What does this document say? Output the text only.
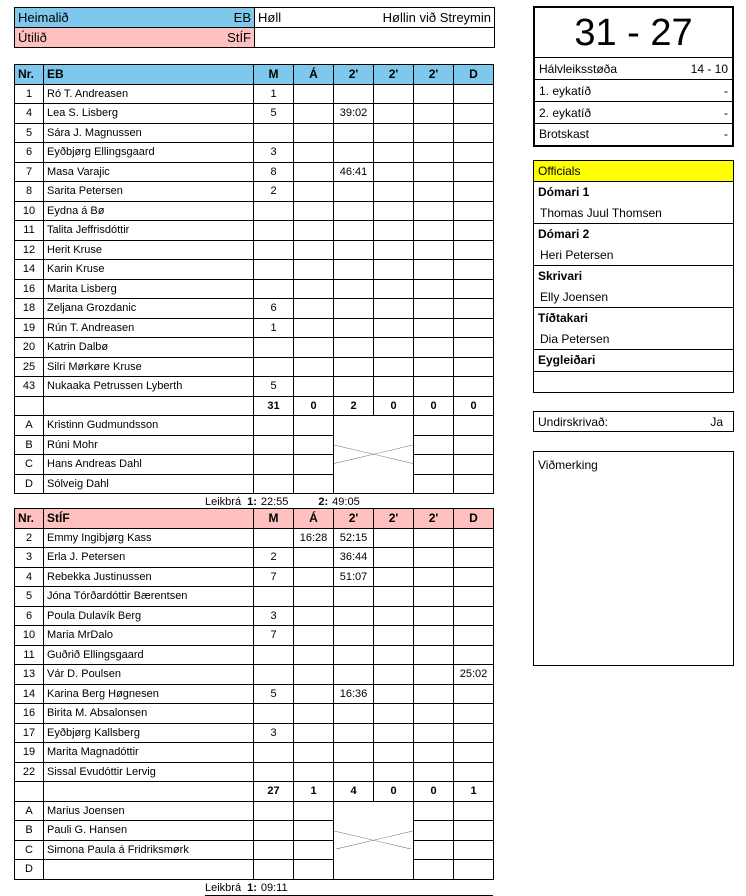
Heimalið EB	Høll Høllin við Streymin

Útilið StÍF	
		31 - 27
Hálvleiksstøða	14 - 10
1. eykatíð	-
2. eykatíð	-
Brotskast	-
Officials
Dómari 1
Thomas Juul Thomsen
Dómari 2
Heri Petersen
Skrivari
Elly Joensen
Tíðtakari
Dia Petersen
Eygleiðari
Undirskrivað:	Ja
Viðmerking
Nr.	EB	M	Á	2'	2'	2'	D
1	Ró T. Andreasen	1					
4	Lea S. Lisberg	5		39:02			
5	Sára J. Magnussen						
6	Eyðbjørg Ellingsgaard	3					
7	Masa Varajic	8		46:41			
8	Sarita Petersen	2					
10	Eydna á Bø						
11	Talita Jeffrisdóttir						
12	Herit Kruse						
14	Karin Kruse						
16	Marita Lisberg						
18	Zeljana Grozdanic	6					
19	Rún T. Andreasen	1					
20	Katrin Dalbø						
25	Silri Mørkøre Kruse						
43	Nukaaka Petrussen Lyberth	5					
		31	0	2	0	0	0
A	Kristinn Gudmundsson			

B	Rúni Mohr						
C	Hans Andreas Dahl						
D	Sólveig Dahl						
Leikbrá 1: 22:55	2: 49:05
Nr.	StÍF	M	Á	2'	2'	2'	D
2	Emmy Ingibjørg Kass		16:28	52:15			
3	Erla J. Petersen	2		36:44			
4	Rebekka Justinussen	7		51:07			
5	Jóna Tórðardóttir Bærentsen						
6	Poula Dulavík Berg	3					
10	Maria MrDalo	7					
11	Guðrið Ellingsgaard						
13	Vár D. Poulsen						25:02
14	Karina Berg Høgnesen	5		16:36			
16	Birita M. Absalonsen						
17	Eyðbjørg Kallsberg	3					
19	Marita Magnadóttir						
22	Sissal Evudóttir Lervig						
		27	1	4	0	0	1
A	Marius Joensen			

B	Pauli G. Hansen						
C	Simona Paula á Fridriksmørk						
D							
Leikbrá 1: 09:11
